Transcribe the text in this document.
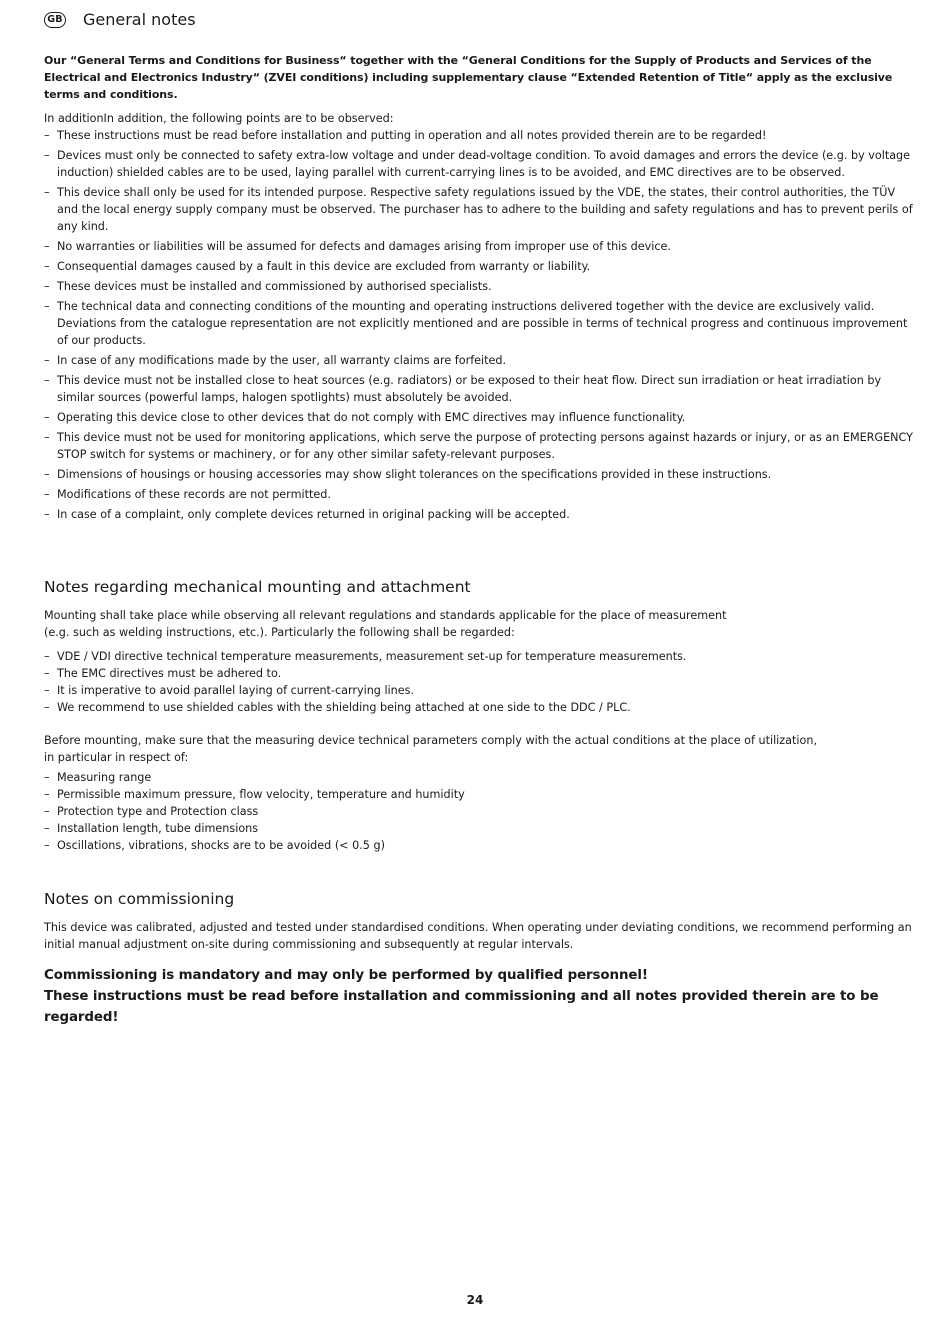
GB General notes
Our “General Terms and Conditions for Business“ together with the “General Conditions for the Supply of Products and Services of the Electrical and Electronics Industry“ (ZVEI conditions) including supplementary clause “Extended Retention of Title“ apply as the exclusive terms and conditions.
In additionIn addition, the following points are to be observed:
– These instructions must be read before installation and putting in operation and all notes provided therein are to be regarded!
– Devices must only be connected to safety extra-low voltage and under dead-voltage condition. To avoid damages and errors the device (e.g. by voltage induction) shielded cables are to be used, laying parallel with current-carrying lines is to be avoided, and EMC directives are to be observed.
– This device shall only be used for its intended purpose. Respective safety regulations issued by the VDE, the states, their control authorities, the TÜV and the local energy supply company must be observed. The purchaser has to adhere to the building and safety regulations and has to prevent perils of any kind.
– No warranties or liabilities will be assumed for defects and damages arising from improper use of this device.
– Consequential damages caused by a fault in this device are excluded from warranty or liability.
– These devices must be installed and commissioned by authorised specialists.
– The technical data and connecting conditions of the mounting and operating instructions delivered together with the device are exclusively valid. Deviations from the catalogue representation are not explicitly mentioned and are possible in terms of technical progress and continuous improvement of our products.
– In case of any modifications made by the user, all warranty claims are forfeited.
– This device must not be installed close to heat sources (e.g. radiators) or be exposed to their heat flow. Direct sun irradiation or heat irradiation by similar sources (powerful lamps, halogen spotlights) must absolutely be avoided.
– Operating this device close to other devices that do not comply with EMC directives may influence functionality.
– This device must not be used for monitoring applications, which serve the purpose of protecting persons against hazards or injury, or as an EMERGENCY STOP switch for systems or machinery, or for any other similar safety-relevant purposes.
– Dimensions of housings or housing accessories may show slight tolerances on the specifications provided in these instructions.
– Modifications of these records are not permitted.
– In case of a complaint, only complete devices returned in original packing will be accepted.
Notes regarding mechanical mounting and attachment
Mounting shall take place while observing all relevant regulations and standards applicable for the place of measurement
(e.g. such as welding instructions, etc.). Particularly the following shall be regarded:
– VDE / VDI directive technical temperature measurements, measurement set-up for temperature measurements.
– The EMC directives must be adhered to.
– It is imperative to avoid parallel laying of current-carrying lines.
– We recommend to use shielded cables with the shielding being attached at one side to the DDC / PLC.
Before mounting, make sure that the measuring device technical parameters comply with the actual conditions at the place of utilization,
in particular in respect of:
– Measuring range
– Permissible maximum pressure, flow velocity, temperature and humidity
– Protection type and Protection class
– Installation length, tube dimensions
– Oscillations, vibrations, shocks are to be avoided (< 0.5 g)
Notes on commissioning
This device was calibrated, adjusted and tested under standardised conditions. When operating under deviating conditions, we recommend performing an initial manual adjustment on-site during commissioning and subsequently at regular intervals.
Commissioning is mandatory and may only be performed by qualified personnel!
These instructions must be read before installation and commissioning and all notes provided therein are to be regarded!
24
